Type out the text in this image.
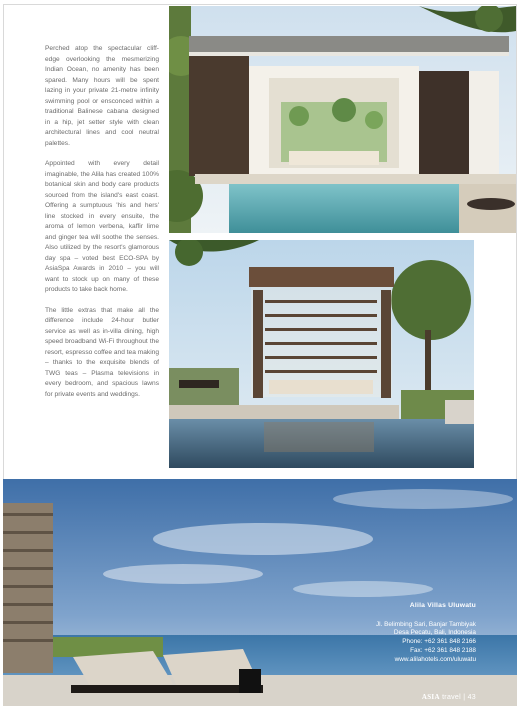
Perched atop the spectacular cliff-edge overlooking the mesmerizing Indian Ocean, no amenity has been spared. Many hours will be spent lazing in your private 21-metre infinity swimming pool or ensconced within a traditional Balinese cabana designed in a hip, jet setter style with clean architectural lines and cool neutral palettes.

Appointed with every detail imaginable, the Alila has created 100% botanical skin and body care products sourced from the island's east coast. Offering a sumptuous 'his and hers' line stocked in every ensuite, the aroma of lemon verbena, kaffir lime and ginger tea will soothe the senses. Also utilized by the resort's glamorous day spa – voted best ECO-SPA by AsiaSpa Awards in 2010 – you will want to stock up on many of these products to take back home.

The little extras that make all the difference include 24-hour butler service as well as in-villa dining, high speed broadband Wi-Fi throughout the resort, espresso coffee and tea making – thanks to the exquisite blends of TWG teas – Plasma televisions in every bedroom, and spacious lawns for private events and weddings.

Alila Villas Uluwatu
Jl. Belimbing Sari, Banjar Tambiyak
Desa Pecatu, Bali, Indonesia
Phone: +62 361 848 2166
Fax: +62 361 848 2188
www.alilahotels.com/uluwatu
ASIA travel | 43
